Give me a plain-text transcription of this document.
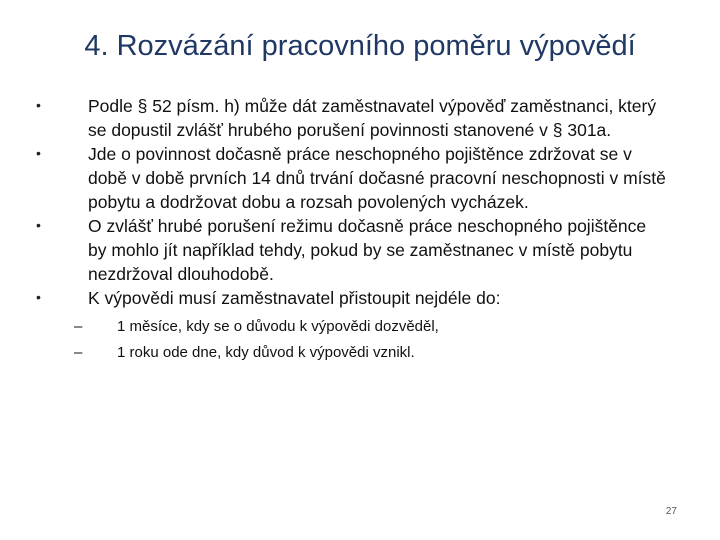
4. Rozvázání pracovního poměru výpovědí
•	Podle § 52 písm. h) může dát zaměstnavatel výpověď zaměstnanci, který se dopustil zvlášť hrubého porušení povinnosti stanovené v § 301a.
•	Jde o povinnost dočasně práce neschopného pojištěnce zdržovat se v době v době prvních 14 dnů trvání dočasné pracovní neschopnosti v místě pobytu a dodržovat dobu a rozsah povolených vycházek.
•	O zvlášť hrubé porušení režimu dočasně práce neschopného pojištěnce by mohlo jít například tehdy, pokud by se zaměstnanec v místě pobytu nezdržoval dlouhodobě.
•	K výpovědi musí zaměstnavatel přistoupit nejdéle do:
– 1 měsíce, kdy se o důvodu k výpovědi dozvěděl,
– 1 roku ode dne, kdy důvod k výpovědi vznikl.
27
